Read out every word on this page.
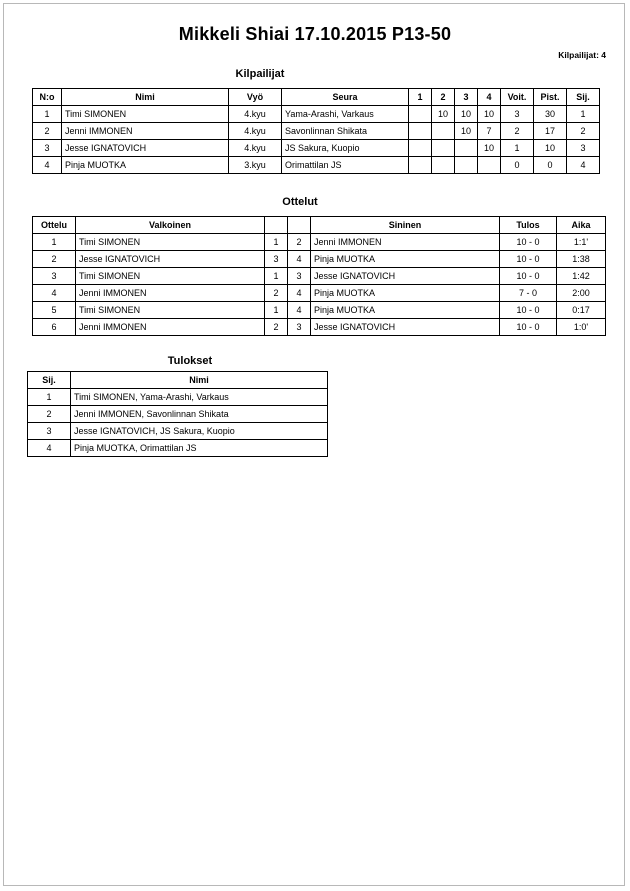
Mikkeli Shiai 17.10.2015 P13-50
Kilpailijat: 4
Kilpailijat
N:o	Nimi	Vyö	Seura	1	2	3	4	Voit.	Pist.	Sij.
1	Timi SIMONEN	4.kyu	Yama-Arashi, Varkaus		10	10	10	3	30	1
2	Jenni IMMONEN	4.kyu	Savonlinnan Shikata			10	7	2	17	2
3	Jesse IGNATOVICH	4.kyu	JS Sakura, Kuopio				10	1	10	3
4	Pinja MUOTKA	3.kyu	Orimattilan JS					0	0	4
Ottelut
Ottelu	Valkoinen			Sininen	Tulos	Aika
1	Timi SIMONEN	1	2	Jenni IMMONEN	10 - 0	1:1'
2	Jesse IGNATOVICH	3	4	Pinja MUOTKA	10 - 0	1:38
3	Timi SIMONEN	1	3	Jesse IGNATOVICH	10 - 0	1:42
4	Jenni IMMONEN	2	4	Pinja MUOTKA	7 - 0	2:00
5	Timi SIMONEN	1	4	Pinja MUOTKA	10 - 0	0:17
6	Jenni IMMONEN	2	3	Jesse IGNATOVICH	10 - 0	1:0'
Tulokset
Sij.	Nimi
1	Timi SIMONEN, Yama-Arashi, Varkaus
2	Jenni IMMONEN, Savonlinnan Shikata
3	Jesse IGNATOVICH, JS Sakura, Kuopio
4	Pinja MUOTKA, Orimattilan JS
